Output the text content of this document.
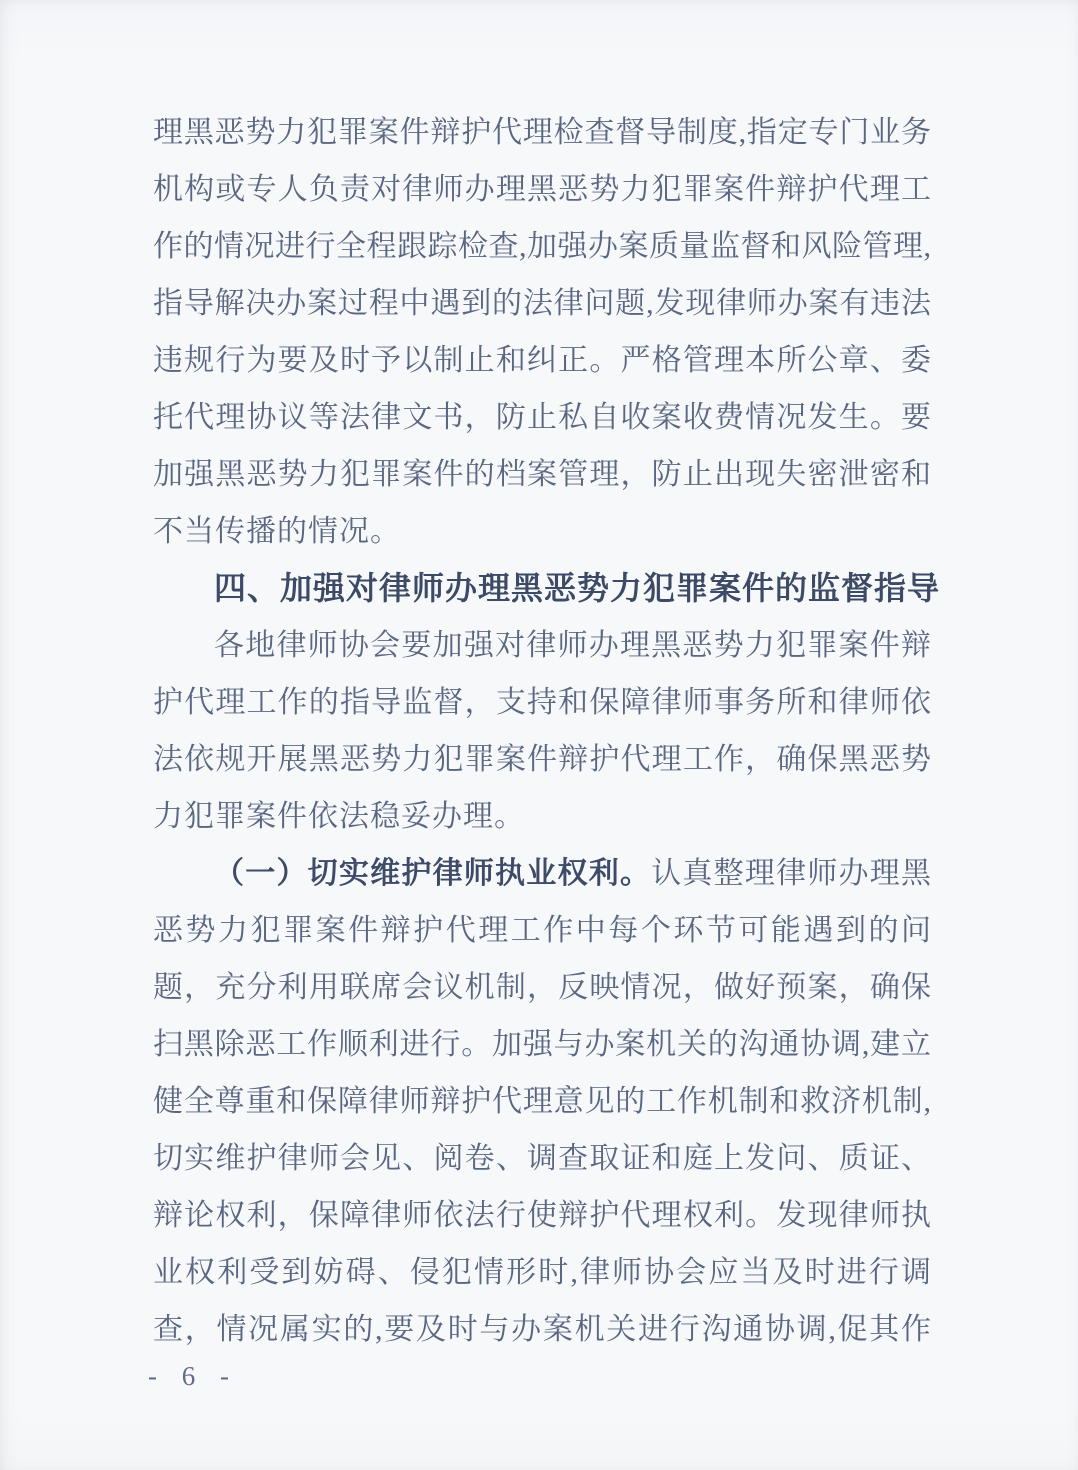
理黑恶势力犯罪案件辩护代理检查督导制度,指定专门业务
机构或专人负责对律师办理黑恶势力犯罪案件辩护代理工
作的情况进行全程跟踪检查,加强办案质量监督和风险管理,
指导解决办案过程中遇到的法律问题,发现律师办案有违法
违规行为要及时予以制止和纠正。严格管理本所公章、委
托代理协议等法律文书，防止私自收案收费情况发生。要
加强黑恶势力犯罪案件的档案管理，防止出现失密泄密和
不当传播的情况。
四、加强对律师办理黑恶势力犯罪案件的监督指导
各地律师协会要加强对律师办理黑恶势力犯罪案件辩
护代理工作的指导监督，支持和保障律师事务所和律师依
法依规开展黑恶势力犯罪案件辩护代理工作，确保黑恶势
力犯罪案件依法稳妥办理。
（一）切实维护律师执业权利。认真整理律师办理黑
恶势力犯罪案件辩护代理工作中每个环节可能遇到的问
题，充分利用联席会议机制，反映情况，做好预案，确保
扫黑除恶工作顺利进行。加强与办案机关的沟通协调,建立
健全尊重和保障律师辩护代理意见的工作机制和救济机制,
切实维护律师会见、阅卷、调查取证和庭上发问、质证、
辩论权利，保障律师依法行使辩护代理权利。发现律师执
业权利受到妨碍、侵犯情形时,律师协会应当及时进行调
查，情况属实的,要及时与办案机关进行沟通协调,促其作
- 6 -
